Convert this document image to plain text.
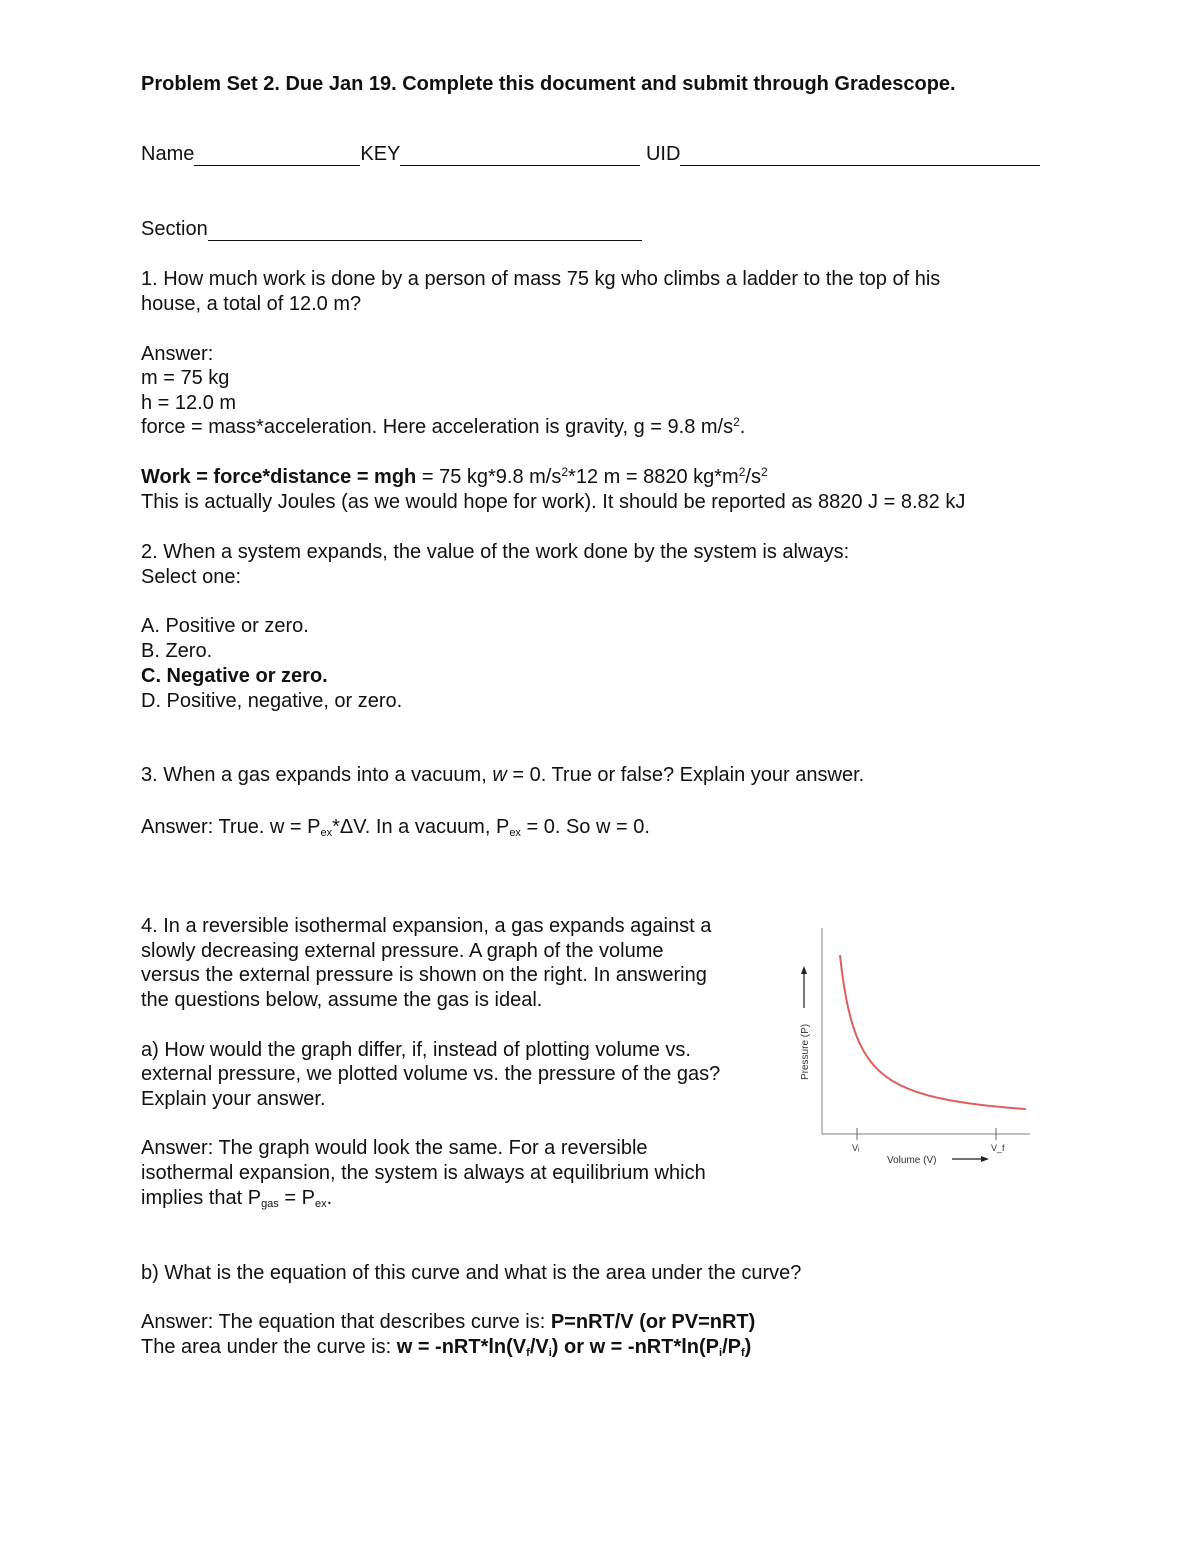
Problem Set 2. Due Jan 19. Complete this document and submit through Gradescope.
Name	KEY	UID
Section
1. How much work is done by a person of mass 75 kg who climbs a ladder to the top of his
house, a total of 12.0 m?
Answer:
m = 75 kg
h = 12.0 m
force = mass*acceleration. Here acceleration is gravity, g = 9.8 $m/s^2$.
Work = force*distance = mgh = 75 kg*9.8 $m/s^2*12$ m = 8820 $kg*m^2/s^2$
This is actually Joules (as we would hope for work). It should be reported as 8820 J = 8.82 kJ
2. When a system expands, the value of the work done by the system is always:
Select one:
A. Positive or zero.
B. Zero.
C. Negative or zero.
D. Positive, negative, or zero.
3. When a gas expands into a vacuum, w = 0. True or false? Explain your answer.
Answer: True. $w = P_{ex}*\Delta V$. In a vacuum, $P_{ex} = 0$. So w = 0.
4. In a reversible isothermal expansion, a gas expands against a
slowly decreasing external pressure. A graph of the volume
versus the external pressure is shown on the right. In answering
the questions below, assume the gas is ideal.
a) How would the graph differ, if, instead of plotting volume vs.
external pressure, we plotted volume vs. the pressure of the gas?
Explain your answer.
Answer: The graph would look the same. For a reversible
isothermal expansion, the system is always at equilibrium which
implies that $P_{gas} = P_{ex}$.
b) What is the equation of this curve and what is the area under the curve?
Answer: The equation that describes curve is: P=nRT/V (or PV=nRT)
The area under the curve is: $w = -nRT*\ln(V_f/V_i)$ or $w = -nRT*\ln(P_i/P_f)$
Pressure (P)
Vᵢ	V_f
Volume (V)
